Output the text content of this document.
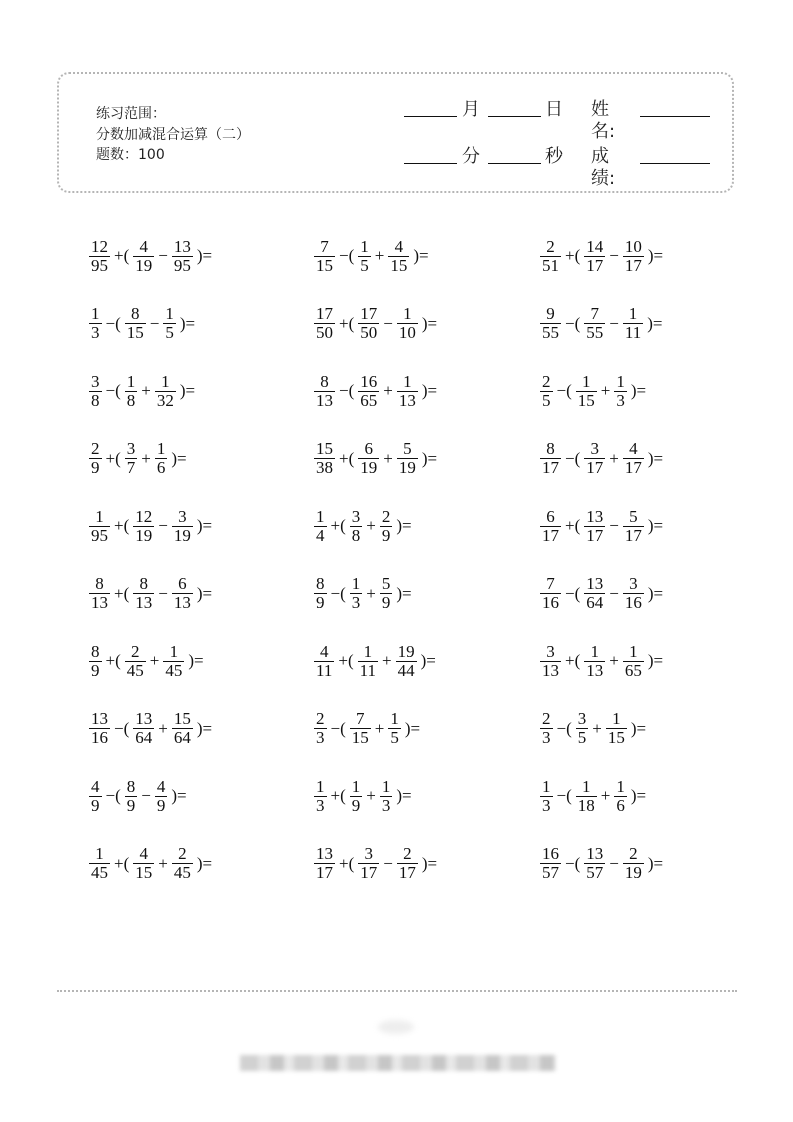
练习范围：
分数加减混合运算（二）
题数：100
月	日 姓名:
分	秒 成绩:
$\frac{12}{95}$ +( $\frac{4}{19} - \frac{13}{95}$ )=	$\frac{7}{15}$ −( $\frac{1}{5} + \frac{4}{15}$ )=	$\frac{2}{51}$ +( $\frac{14}{17} - \frac{10}{17}$ )=
$\frac{1}{3}$ −( $\frac{8}{15} - \frac{1}{5}$ )=	$\frac{17}{50}$ +( $\frac{17}{50} - \frac{1}{10}$ )=	$\frac{9}{55}$ −( $\frac{7}{55} - \frac{1}{11}$ )=
$\frac{3}{8}$ −( $\frac{1}{8} + \frac{1}{32}$ )=	$\frac{8}{13}$ −( $\frac{16}{65} + \frac{1}{13}$ )=	$\frac{2}{5}$ −( $\frac{1}{15} + \frac{1}{3}$ )=
$\frac{2}{9}$ +( $\frac{3}{7} + \frac{1}{6}$ )=	$\frac{15}{38}$ +( $\frac{6}{19} + \frac{5}{19}$ )=	$\frac{8}{17}$ −( $\frac{3}{17} + \frac{4}{17}$ )=
$\frac{1}{95}$ +( $\frac{12}{19} - \frac{3}{19}$ )=	$\frac{1}{4}$ +( $\frac{3}{8} + \frac{2}{9}$ )=	$\frac{6}{17}$ +( $\frac{13}{17} - \frac{5}{17}$ )=
$\frac{8}{13}$ +( $\frac{8}{13} - \frac{6}{13}$ )=	$\frac{8}{9}$ −( $\frac{1}{3} + \frac{5}{9}$ )=	$\frac{7}{16}$ −( $\frac{13}{64} - \frac{3}{16}$ )=
$\frac{8}{9}$ +( $\frac{2}{45} + \frac{1}{45}$ )=	$\frac{4}{11}$ +( $\frac{1}{11} + \frac{19}{44}$ )=	$\frac{3}{13}$ +( $\frac{1}{13} + \frac{1}{65}$ )=
$\frac{13}{16}$ −( $\frac{13}{64} + \frac{15}{64}$ )=	$\frac{2}{3}$ −( $\frac{7}{15} + \frac{1}{5}$ )=	$\frac{2}{3}$ −( $\frac{3}{5} + \frac{1}{15}$ )=
$\frac{4}{9}$ −( $\frac{8}{9} - \frac{4}{9}$ )=	$\frac{1}{3}$ +( $\frac{1}{9} + \frac{1}{3}$ )=	$\frac{1}{3}$ −( $\frac{1}{18} + \frac{1}{6}$ )=
$\frac{1}{45}$ +( $\frac{4}{15} + \frac{2}{45}$ )=	$\frac{13}{17}$ +( $\frac{3}{17} - \frac{2}{17}$ )=	$\frac{16}{57}$ −( $\frac{13}{57} - \frac{2}{19}$ )=
